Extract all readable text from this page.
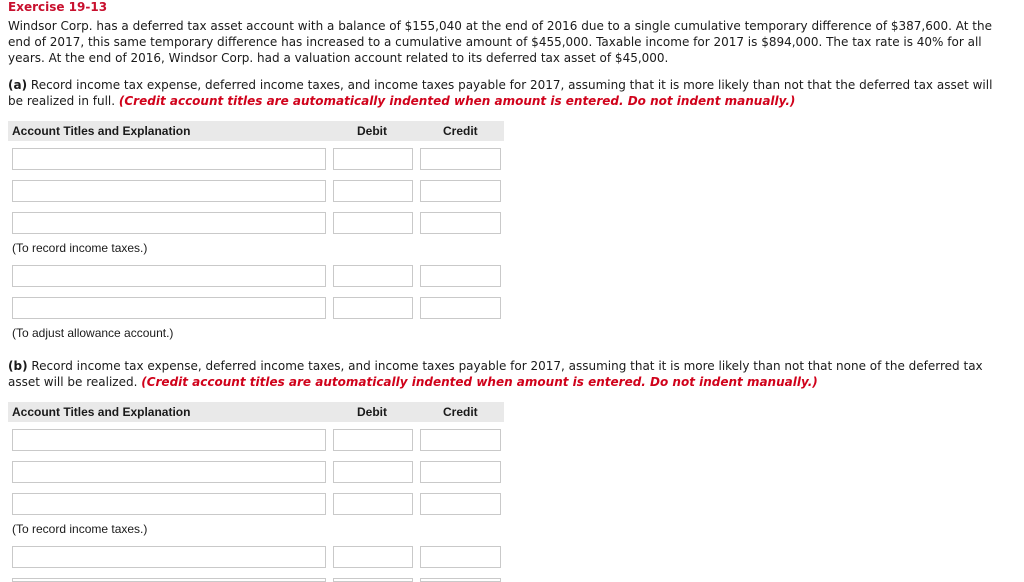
Exercise 19-13
Windsor Corp. has a deferred tax asset account with a balance of $155,040 at the end of 2016 due to a single cumulative temporary difference of $387,600. At the end of 2017, this same temporary difference has increased to a cumulative amount of $455,000. Taxable income for 2017 is $894,000. The tax rate is 40% for all years. At the end of 2016, Windsor Corp. had a valuation account related to its deferred tax asset of $45,000.
(a) Record income tax expense, deferred income taxes, and income taxes payable for 2017, assuming that it is more likely than not that the deferred tax asset will be realized in full. (Credit account titles are automatically indented when amount is entered. Do not indent manually.)
Account Titles and Explanation	Debit	Credit
(To record income taxes.)
(To adjust allowance account.)
(b) Record income tax expense, deferred income taxes, and income taxes payable for 2017, assuming that it is more likely than not that none of the deferred tax asset will be realized. (Credit account titles are automatically indented when amount is entered. Do not indent manually.)
Account Titles and Explanation	Debit	Credit
(To record income taxes.)
